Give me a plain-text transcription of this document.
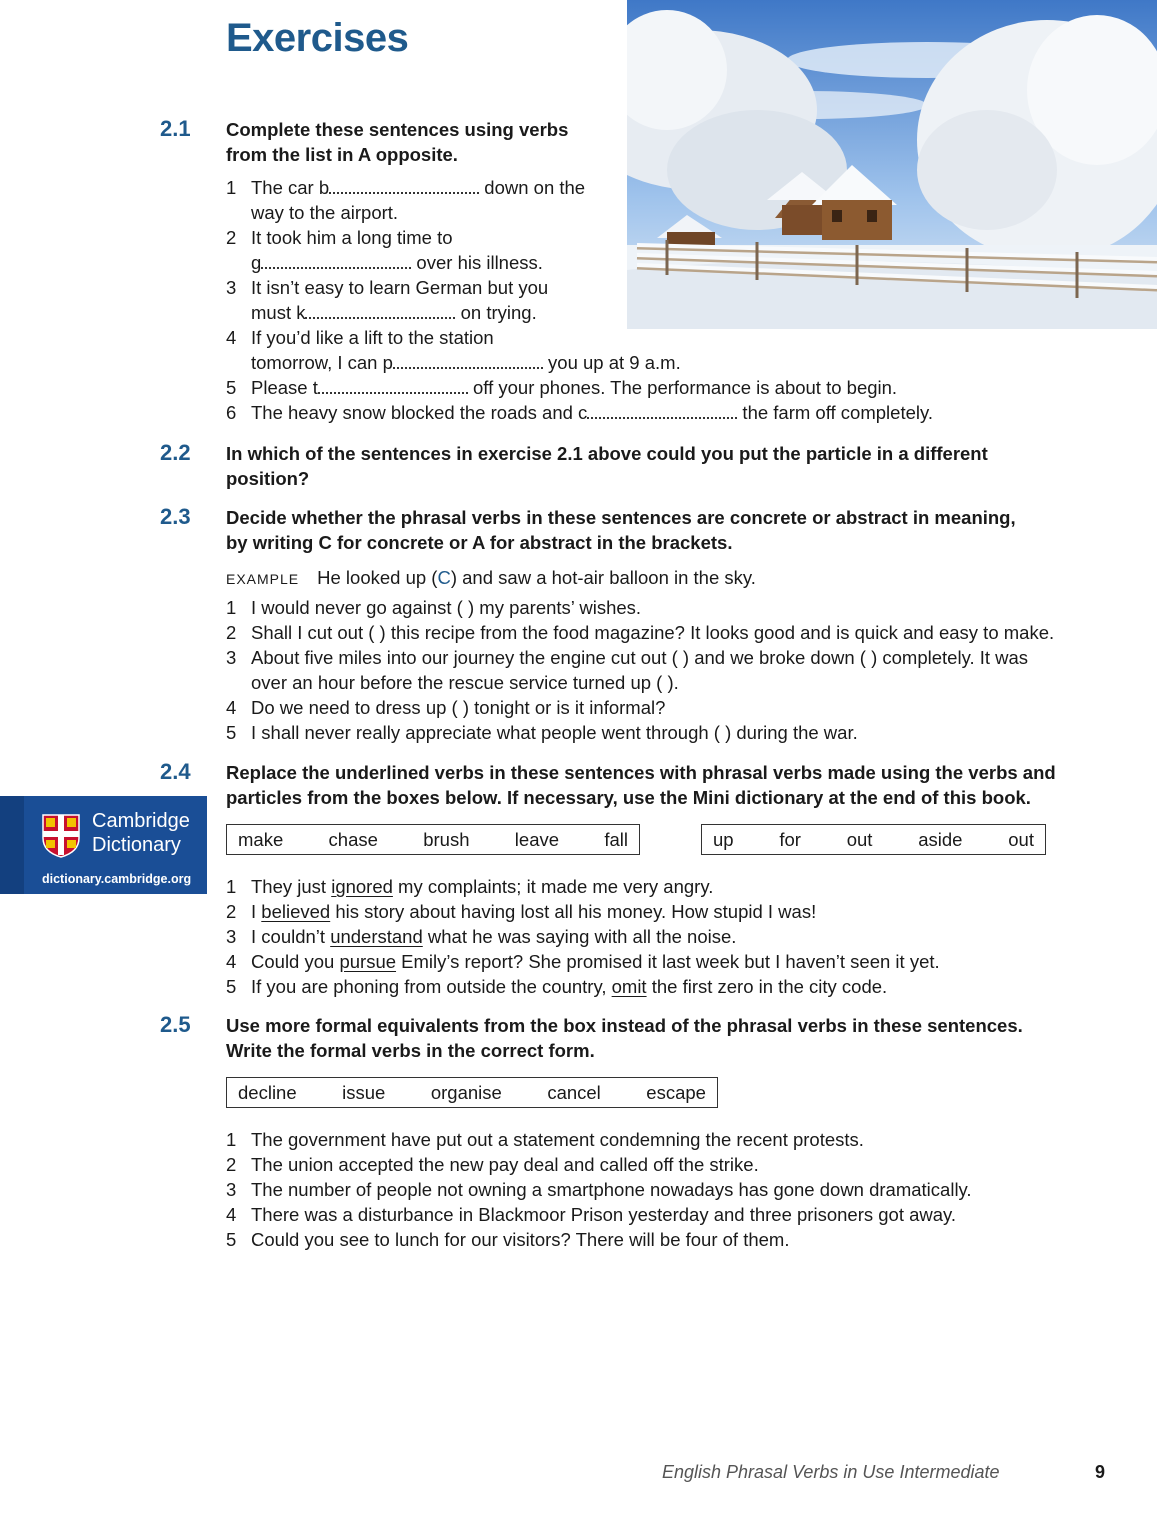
Exercises
2.1 Complete these sentences using verbs
from the list in A opposite.

1 The car b	down on the
way to the airport.
2 It took him a long time to
g	over his illness.
3 It isn’t easy to learn German but you
must k	on trying.
4 If you’d like a lift to the station
tomorrow, I can p	you up at 9 a.m.
5 Please t	off your phones. The performance is about to begin.
6 The heavy snow blocked the roads and c	the farm off completely.
2.2 In which of the sentences in exercise 2.1 above could you put the particle in a different
position?

2.3 Decide whether the phrasal verbs in these sentences are concrete or abstract in meaning,
by writing C for concrete or A for abstract in the brackets.

EXAMPLE He looked up (C) and saw a hot-air balloon in the sky.
1 I would never go against ( ) my parents’ wishes.
2 Shall I cut out ( ) this recipe from the food magazine? It looks good and is quick and easy to make.
3 About five miles into our journey the engine cut out ( ) and we broke down ( ) completely. It was
over an hour before the rescue service turned up ( ).
4 Do we need to dress up ( ) tonight or is it informal?
5 I shall never really appreciate what people went through ( ) during the war.
2.4 Replace the underlined verbs in these sentences with phrasal verbs made using the verbs and
particles from the boxes below. If necessary, use the Mini dictionary at the end of this book.

make chase brush leave fall	up for out aside out
1 They just ignored my complaints; it made me very angry.
2 I believed his story about having lost all his money. How stupid I was!
3 I couldn’t understand what he was saying with all the noise.
4 Could you pursue Emily’s report? She promised it last week but I haven’t seen it yet.
5 If you are phoning from outside the country, omit the first zero in the city code.
2.5 Use more formal equivalents from the box instead of the phrasal verbs in these sentences.
Write the formal verbs in the correct form.

decline issue organise cancel escape
1 The government have put out a statement condemning the recent protests.
2 The union accepted the new pay deal and called off the strike.
3 The number of people not owning a smartphone nowadays has gone down dramatically.
4 There was a disturbance in Blackmoor Prison yesterday and three prisoners got away.
5 Could you see to lunch for our visitors? There will be four of them.
Cambridge
Dictionary
dictionary.cambridge.org
English Phrasal Verbs in Use Intermediate	9
